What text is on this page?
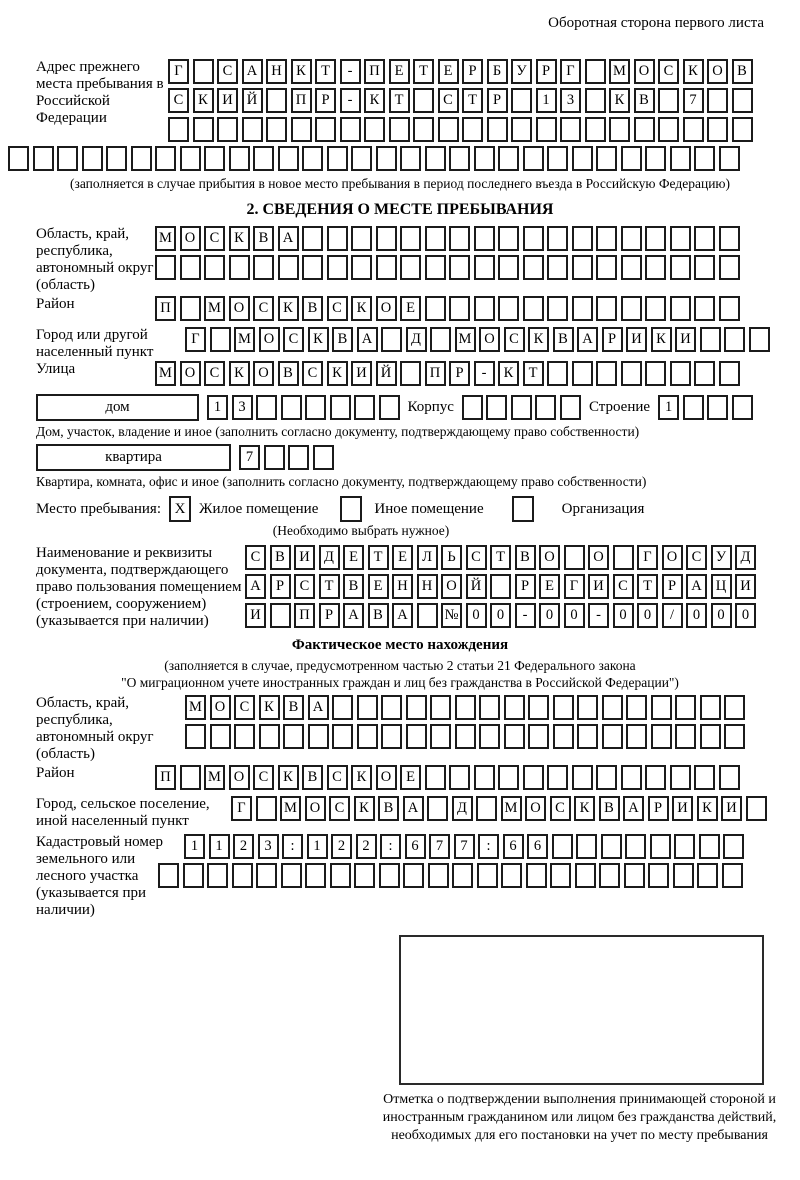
Оборотная сторона первого листа
Адрес прежнего места пребывания в Российской Федерации
Г	С А Н К	Т	-	П	Е	Т	Е	Р	Б	У	Р	Г	М О С	К О В
С	К И Й	П	Р	-	К	Т	С	Т	Р	1	3	К	В	7
(заполняется в случае прибытия в новое место пребывания в период последнего въезда в Российскую Федерацию)
2. СВЕДЕНИЯ О МЕСТЕ ПРЕБЫВАНИЯ
Область, край, республика, автономный округ (область)
М О С	К	В А
Район	П	М О С	К	В	С	К О	Е
Город или другой населенный пункт
Г	М О С	К	В А	Д	М О С	К	В А	Р	И К И
Улица	М О С	К О В	С	К И Й	П	Р	-	К	Т
дом	1	3	Корпус	Строение	1
Дом, участок, владение и иное (заполнить согласно документу, подтверждающему право собственности)
квартира	7
Квартира, комната, офис и иное (заполнить согласно документу, подтверждающему право собственности)
Место пребывания: X Жилое помещение	Иное помещение	Организация
(Необходимо выбрать нужное)
Наименование и реквизиты документа, подтверждающего право пользования помещением (строением, сооружением) (указывается при наличии)
С	В И Д	Е	Т	Е	Л	Ь	С	Т	В О	О	Г	О С	У Д
А	Р	С	Т	В	Е	Н Н О Й	Р	Е	Г	И С	Т	Р	А Ц И
И	П	Р	А В А	№ 0	0	-	0	0	-	0	0	/	0	0	0
Фактическое место нахождения
(заполняется в случае, предусмотренном частью 2 статьи 21 Федерального закона
"О миграционном учете иностранных граждан и лиц без гражданства в Российской Федерации")
Область, край, республика, автономный округ (область)
М О С	К	В А
Район	П	М О С	К	В	С	К О	Е
Город, сельское поселение, иной населенный пункт
Г	М О С	К	В А	Д	М О С	К	В А	Р	И К И
Кадастровый номер земельного или лесного участка (указывается при наличии)
1	1	2	3	:	1	2	2	:	6	7	7	:	6	6
Отметка о подтверждении выполнения принимающей стороной и иностранным гражданином или лицом без гражданства действий, необходимых для его постановки на учет по месту пребывания
